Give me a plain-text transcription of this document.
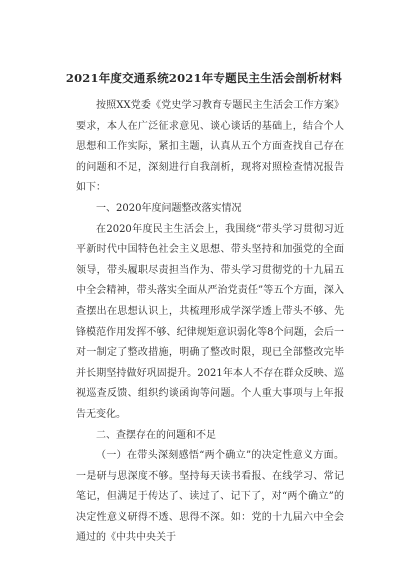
2021年度交通系统2021年专题民主生活会剖析材料

按照XX党委《党史学习教育专题民主生活会工作方案》要求，本人在广泛征求意见、谈心谈话的基础上，结合个人思想和工作实际，紧扣主题，认真从五个方面查找自己存在的问题和不足，深刻进行自我剖析，现将对照检查情况报告如下：

一、2020年度问题整改落实情况

在2020年度民主生活会上，我围绕“带头学习贯彻习近平新时代中国特色社会主义思想、带头坚持和加强党的全面领导，带头履职尽责担当作为、带头学习贯彻党的十九届五中全会精神，带头落实全面从严治党责任”等五个方面，深入查摆出在思想认识上，共梳理形成学深学透上带头不够、先锋模范作用发挥不够、纪律规矩意识弱化等8个问题，会后一对一制定了整改措施，明确了整改时限，现已全部整改完毕并长期坚持做好巩固提升。2021年本人不存在群众反映、巡视巡查反馈、组织约谈函询等问题。个人重大事项与上年报告无变化。

二、查摆存在的问题和不足

（一）在带头深刻感悟“两个确立”的决定性意义方面。一是研与思深度不够。坚持每天读书看报、在线学习、常记笔记，但满足于传达了、读过了、记下了，对“两个确立”的决定性意义研得不透、思得不深。如：党的十九届六中全会通过的《中共中央关于
